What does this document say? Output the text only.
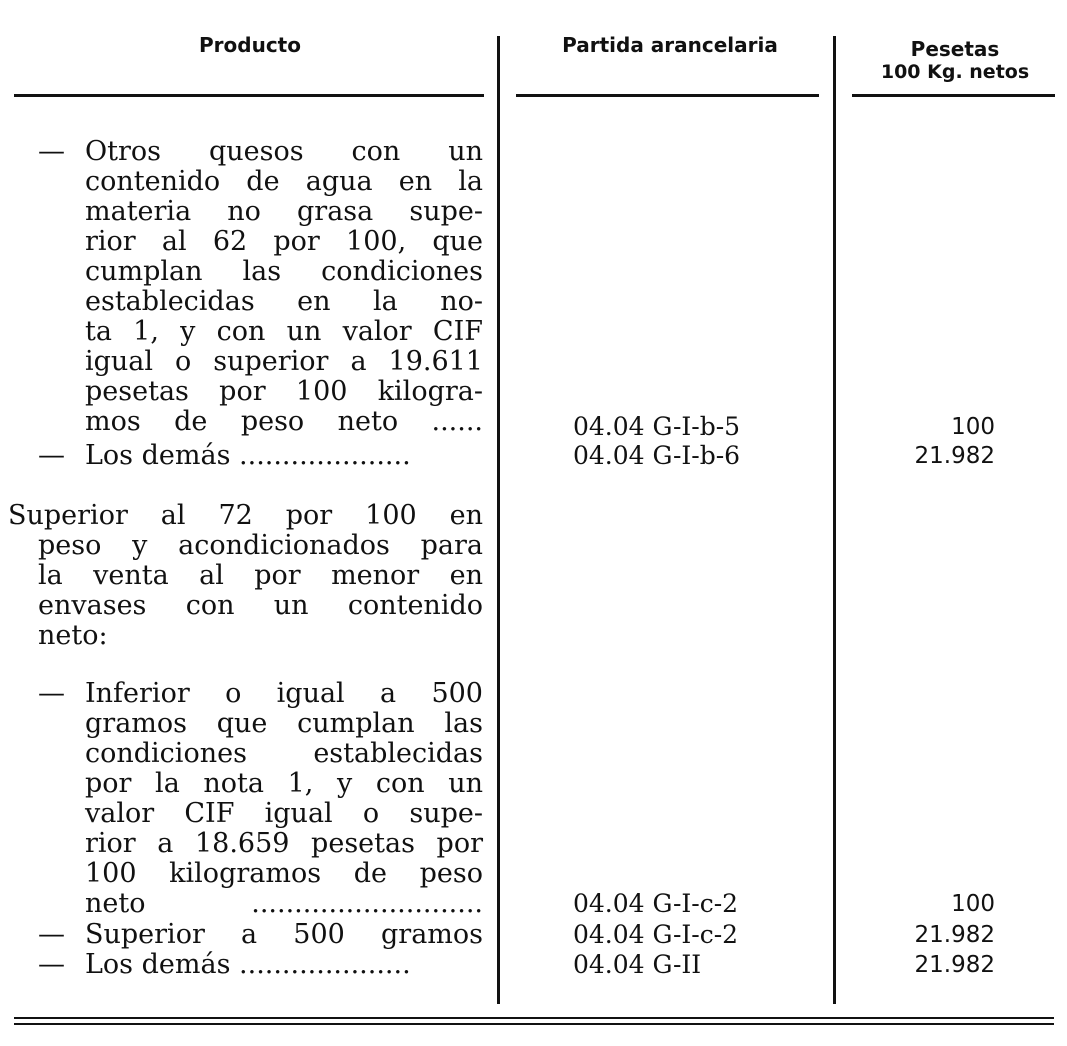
Producto	Partida arancelaria	Pesetas
100 Kg. netos
— Otros quesos con un
contenido de agua en la
materia no grasa supe-
rior al 62 por 100, que
cumplan las condiciones
establecidas en la no-
ta 1, y con un valor CIF
igual o superior a 19.611
pesetas por 100 kilogra-
mos de peso neto ......	04.04 G-I-b-5	100
— Los demás ....................	04.04 G-I-b-6	21.982
Superior al 72 por 100 en
peso y acondicionados para
la venta al por menor en
envases con un contenido
neto:
— Inferior o igual a 500
gramos que cumplan las
condiciones establecidas
por la nota 1, y con un
valor CIF igual o supe-
rior a 18.659 pesetas por
100 kilogramos de peso
neto ...........................	04.04 G-I-c-2	100
— Superior a 500 gramos	04.04 G-I-c-2	21.982
— Los demás ....................	04.04 G-II	21.982
